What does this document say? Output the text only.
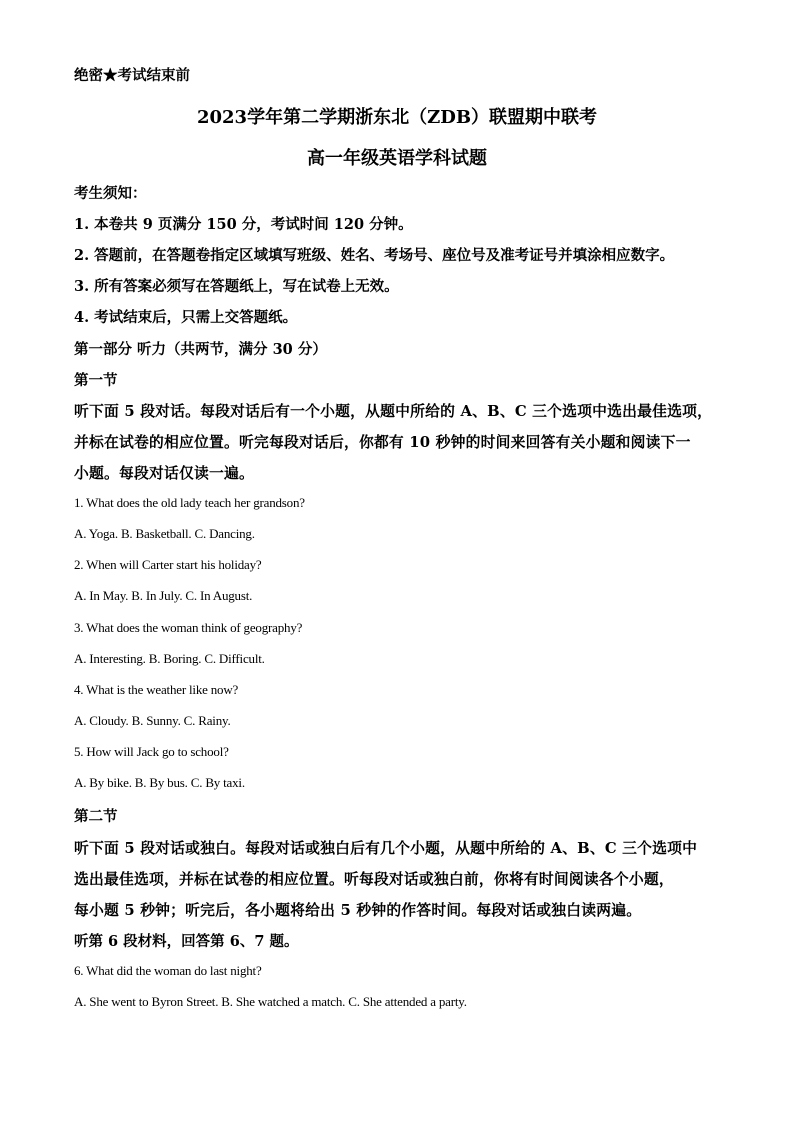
绝密★考试结束前
2023学年第二学期浙东北（ZDB）联盟期中联考
高一年级英语学科试题
考生须知：
1. 本卷共 9 页满分 150 分，考试时间 120 分钟。
2. 答题前，在答题卷指定区域填写班级、姓名、考场号、座位号及准考证号并填涂相应数字。
3. 所有答案必须写在答题纸上，写在试卷上无效。
4. 考试结束后，只需上交答题纸。
第一部分 听力（共两节，满分 30 分）
第一节
听下面 5 段对话。每段对话后有一个小题，从题中所给的 A、B、C 三个选项中选出最佳选项，
并标在试卷的相应位置。听完每段对话后，你都有 10 秒钟的时间来回答有关小题和阅读下一
小题。每段对话仅读一遍。
1. What does the old lady teach her grandson?
A. Yoga. B. Basketball. C. Dancing.
2. When will Carter start his holiday?
A. In May. B. In July. C. In August.
3. What does the woman think of geography?
A. Interesting. B. Boring. C. Difficult.
4. What is the weather like now?
A. Cloudy. B. Sunny. C. Rainy.
5. How will Jack go to school?
A. By bike. B. By bus. C. By taxi.
第二节
听下面 5 段对话或独白。每段对话或独白后有几个小题，从题中所给的 A、B、C 三个选项中
选出最佳选项，并标在试卷的相应位置。听每段对话或独白前，你将有时间阅读各个小题，
每小题 5 秒钟；听完后，各小题将给出 5 秒钟的作答时间。每段对话或独白读两遍。
听第 6 段材料，回答第 6、7 题。
6. What did the woman do last night?
A. She went to Byron Street. B. She watched a match. C. She attended a party.
